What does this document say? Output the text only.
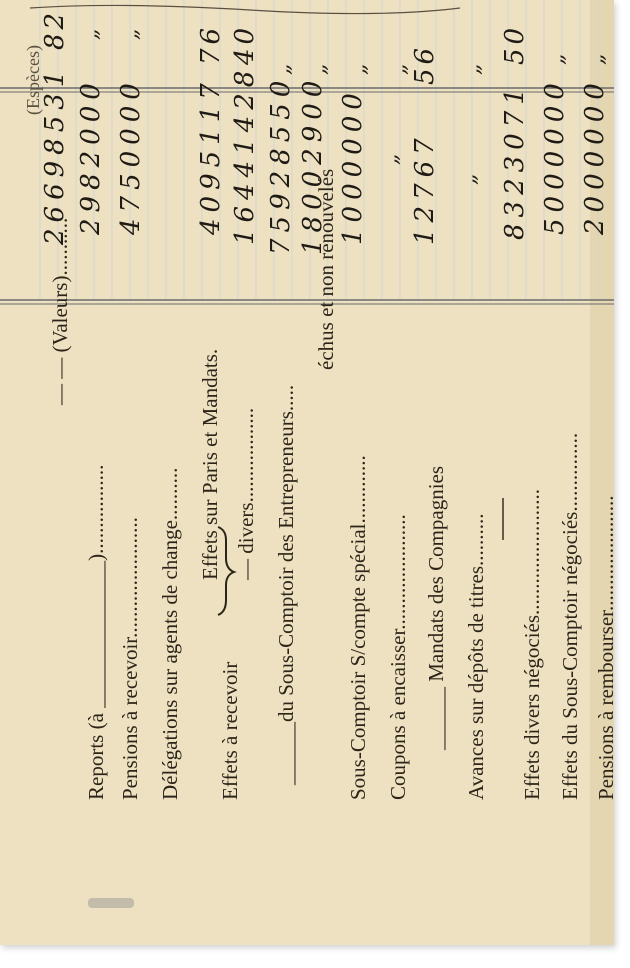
— — (Valeurs)...........
Reports (à ______________).................
26698531
82
Pensions à recevoir.......................
2982000
„
Délégations sur agents de change..........
4750000
„
Effets sur Paris et Mandats.
Effets à recevoir
4095117
76
— divers..................
16441428
40
______du Sous-Comptoir des Entrepreneurs.....
75928550
„
échus et non renouvelés
18002900
„
Sous-Comptoir S/compte spécial.............
1000000
„
Coupons à encaisser......................
„
„
______ Mandats des Compagnies
12767
56
Avances sur dépôts de titres..........
„
„
Effets divers négociés........................
8323071
50
Effets du Sous-Comptoir négociés...............
5000000
„
Pensions à rembourser......................
2000000
„
(Espèces)
